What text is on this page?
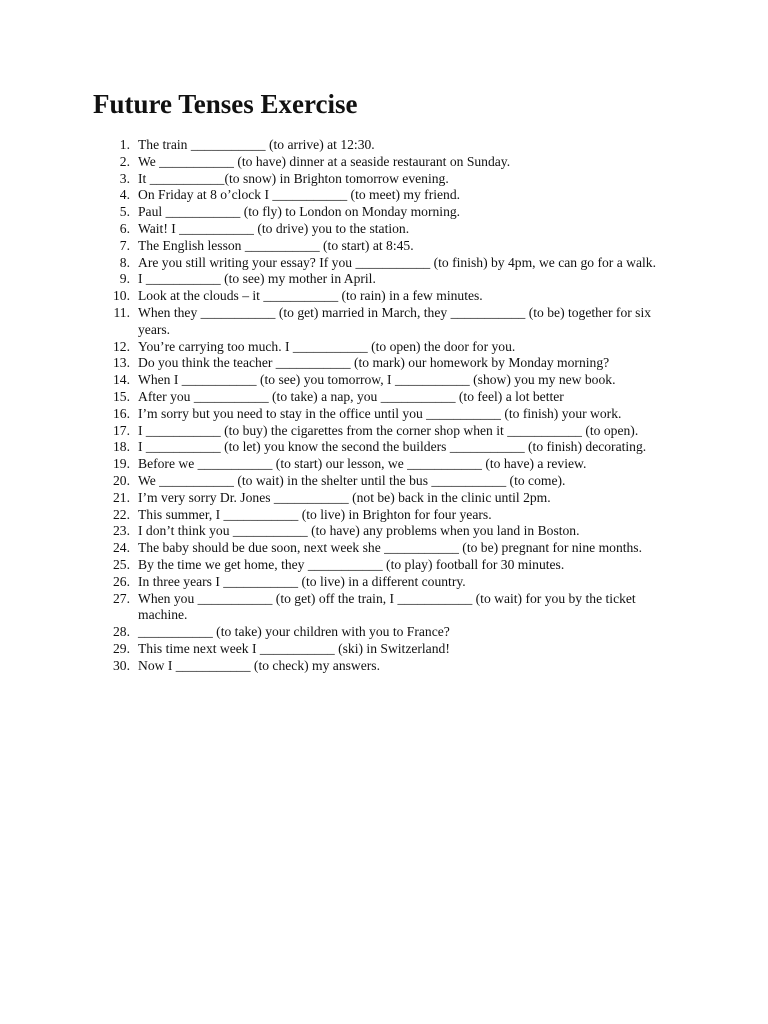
Future Tenses Exercise
1. The train ___________ (to arrive) at 12:30.
2. We ___________ (to have) dinner at a seaside restaurant on Sunday.
3. It ___________(to snow) in Brighton tomorrow evening.
4. On Friday at 8 o’clock I ___________ (to meet) my friend.
5. Paul ___________ (to fly) to London on Monday morning.
6. Wait! I ___________ (to drive) you to the station.
7. The English lesson ___________ (to start) at 8:45.
8. Are you still writing your essay? If you ___________ (to finish) by 4pm, we can go for a walk.
9. I ___________ (to see) my mother in April.
10. Look at the clouds – it ___________ (to rain) in a few minutes.
11. When they ___________ (to get) married in March, they ___________ (to be) together for six years.
12. You’re carrying too much. I ___________ (to open) the door for you.
13. Do you think the teacher ___________ (to mark) our homework by Monday morning?
14. When I ___________ (to see) you tomorrow, I ___________ (show) you my new book.
15. After you ___________ (to take) a nap, you ___________ (to feel) a lot better
16. I’m sorry but you need to stay in the office until you ___________ (to finish) your work.
17. I ___________ (to buy) the cigarettes from the corner shop when it ___________ (to open).
18. I ___________ (to let) you know the second the builders ___________ (to finish) decorating.
19. Before we ___________ (to start) our lesson, we ___________ (to have) a review.
20. We ___________ (to wait) in the shelter until the bus ___________ (to come).
21. I’m very sorry Dr. Jones ___________ (not be) back in the clinic until 2pm.
22. This summer, I ___________ (to live) in Brighton for four years.
23. I don’t think you ___________ (to have) any problems when you land in Boston.
24. The baby should be due soon, next week she ___________ (to be) pregnant for nine months.
25. By the time we get home, they ___________ (to play) football for 30 minutes.
26. In three years I ___________ (to live) in a different country.
27. When you ___________ (to get) off the train, I ___________ (to wait) for you by the ticket machine.
28. ___________ (to take) your children with you to France?
29. This time next week I ___________ (ski) in Switzerland!
30. Now I ___________ (to check) my answers.
